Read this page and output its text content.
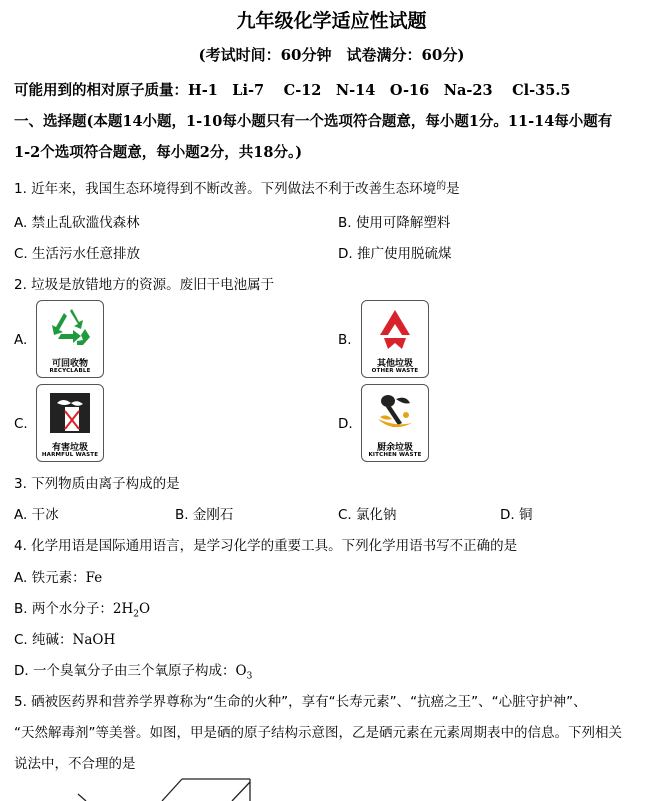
九年级化学适应性试题
(考试时间：60分钟　试卷满分：60分)
可能用到的相对原子质量：H-1　Li-7　 C-12　N-14　O-16　Na-23　 Cl-35.5
一、选择题(本题14小题，1-10每小题只有一个选项符合题意，每小题1分。11-14每小题有
1-2个选项符合题意，每小题2分，共18分。)
1. 近年来，我国生态环境得到不断改善。下列做法不利于改善生态环境$^的$是
A. 禁止乱砍滥伐森林	B. 使用可降解塑料
C. 生活污水任意排放	D. 推广使用脱硫煤
2. 垃圾是放错地方的资源。废旧干电池属于
A.
可回收物
RECYCLABLE
B.
其他垃圾
OTHER WASTE
C.
有害垃圾
HARMFUL WASTE
D.
厨余垃圾
KITCHEN WASTE
3. 下列物质由离子构成的是
A. 干冰	B. 金刚石	C. 氯化钠	D. 铜
4. 化学用语是国际通用语言，是学习化学的重要工具。下列化学用语书写不正确的是
A. 铁元素：Fe
B. 两个水分子：$2H_2O$
C. 纯碱：NaOH
D. 一个臭氧分子由三个氧原子构成：$O_3$
5. 硒被医药界和营养学界尊称为“生命的火种”，享有“长寿元素”、“抗癌之王”、“心脏守护神”、
“天然解毒剂”等美誉。如图，甲是硒的原子结构示意图，乙是硒元素在元素周期表中的信息。下列相关
说法中，不合理的是
